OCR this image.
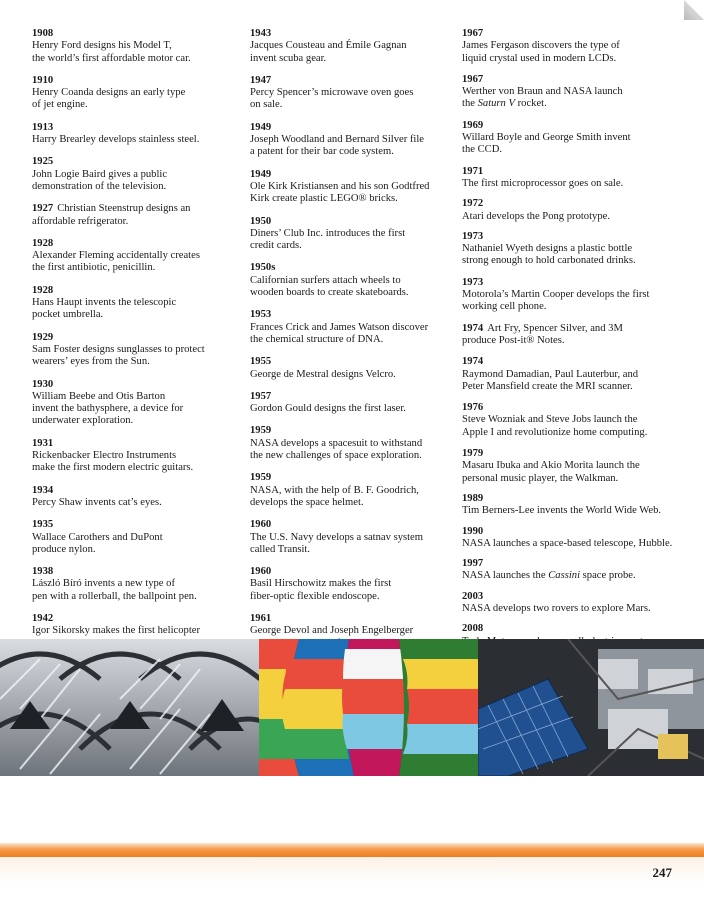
1908
Henry Ford designs his Model T,
the world’s first affordable motor car.
1910
Henry Coanda designs an early type
of jet engine.
1913
Harry Brearley develops stainless steel.
1925
John Logie Baird gives a public
demonstration of the television.
1927 Christian Steenstrup designs an
affordable refrigerator.
1928
Alexander Fleming accidentally creates
the first antibiotic, penicillin.
1928
Hans Haupt invents the telescopic
pocket umbrella.
1929
Sam Foster designs sunglasses to protect
wearers’ eyes from the Sun.
1930
William Beebe and Otis Barton
invent the bathysphere, a device for
underwater exploration.
1931
Rickenbacker Electro Instruments
make the first modern electric guitars.
1934
Percy Shaw invents cat’s eyes.
1935
Wallace Carothers and DuPont
produce nylon.
1938
László Bíró invents a new type of
pen with a rollerball, the ballpoint pen.
1942
Igor Sikorsky makes the first helicopter

1943
Jacques Cousteau and Émile Gagnan
invent scuba gear.
1947
Percy Spencer’s microwave oven goes
on sale.
1949
Joseph Woodland and Bernard Silver file
a patent for their bar code system.
1949
Ole Kirk Kristiansen and his son Godtfred
Kirk create plastic LEGO® bricks.
1950
Diners’ Club Inc. introduces the first
credit cards.
1950s
Californian surfers attach wheels to
wooden boards to create skateboards.
1953
Frances Crick and James Watson discover
the chemical structure of DNA.
1955
George de Mestral designs Velcro.
1957
Gordon Gould designs the first laser.
1959
NASA develops a spacesuit to withstand
the new challenges of space exploration.
1959
NASA, with the help of B. F. Goodrich,
develops the space helmet.
1960
The U.S. Navy develops a satnav system
called Transit.
1960
Basil Hirschowitz makes the first
fiber-optic flexible endoscope.
1961
George Devol and Joseph Engelberger

1967
James Fergason discovers the type of
liquid crystal used in modern LCDs.
1967
Werther von Braun and NASA launch
the Saturn V rocket.
1969
Willard Boyle and George Smith invent
the CCD.
1971
The first microprocessor goes on sale.
1972
Atari develops the Pong prototype.
1973
Nathaniel Wyeth designs a plastic bottle
strong enough to hold carbonated drinks.
1973
Motorola’s Martin Cooper develops the first
working cell phone.
1974 Art Fry, Spencer Silver, and 3M
produce Post-it® Notes.
1974
Raymond Damadian, Paul Lauterbur, and
Peter Mansfield create the MRI scanner.
1976
Steve Wozniak and Steve Jobs launch the
Apple I and revolutionize home computing.
1979
Masaru Ibuka and Akio Morita launch the
personal music player, the Walkman.
1989
Tim Berners-Lee invents the World Wide Web.
1990
NASA launches a space-based telescope, Hubble.
1997
NASA launches the Cassini space probe.
2003
NASA develops two rovers to explore Mars.
2008
247
